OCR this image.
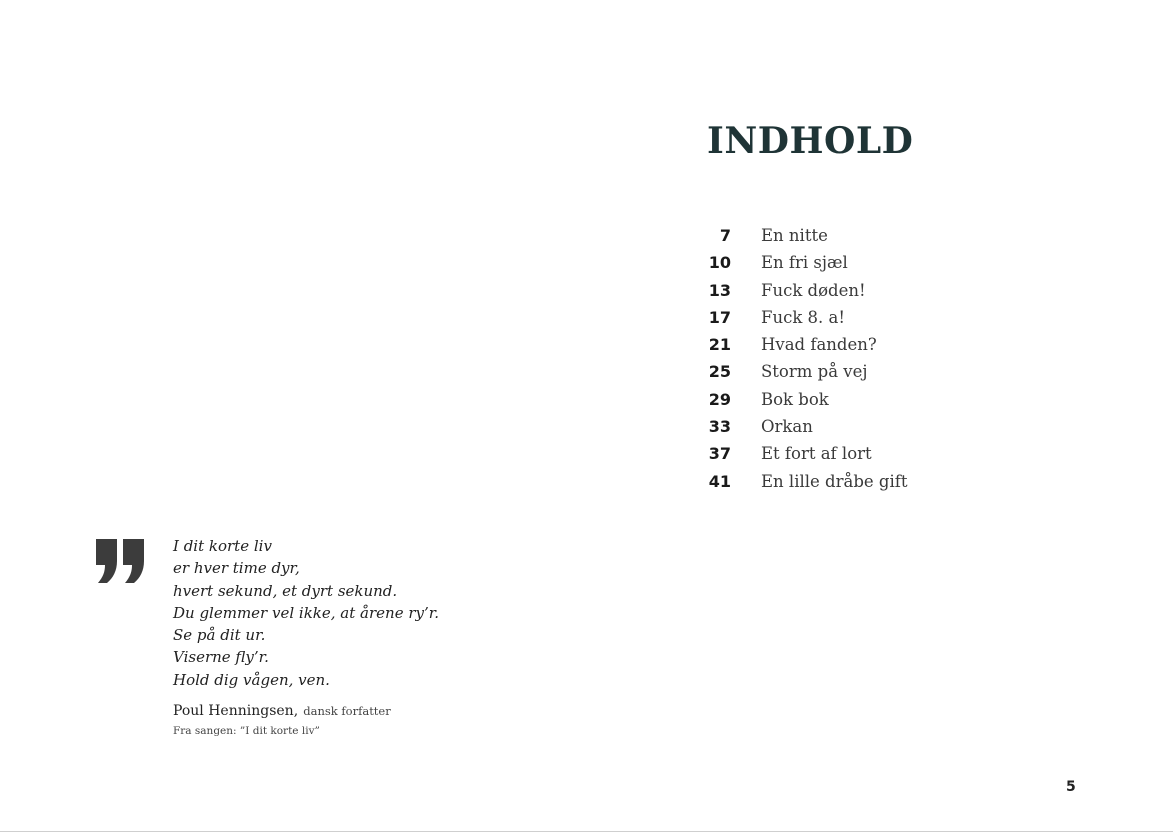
INDHOLD
7 En nitte
10 En fri sjæl
13 Fuck døden!
17 Fuck 8. a!
21 Hvad fanden?
25 Storm på vej
29 Bok bok
33 Orkan
37 Et fort af lort
41 En lille dråbe gift
I dit korte liv
er hver time dyr,
hvert sekund, et dyrt sekund.
Du glemmer vel ikke, at årene ry’r.
Se på dit ur.
Viserne fly’r.
Hold dig vågen, ven.
Poul Henningsen, dansk forfatter
Fra sangen: ”I dit korte liv”
5
